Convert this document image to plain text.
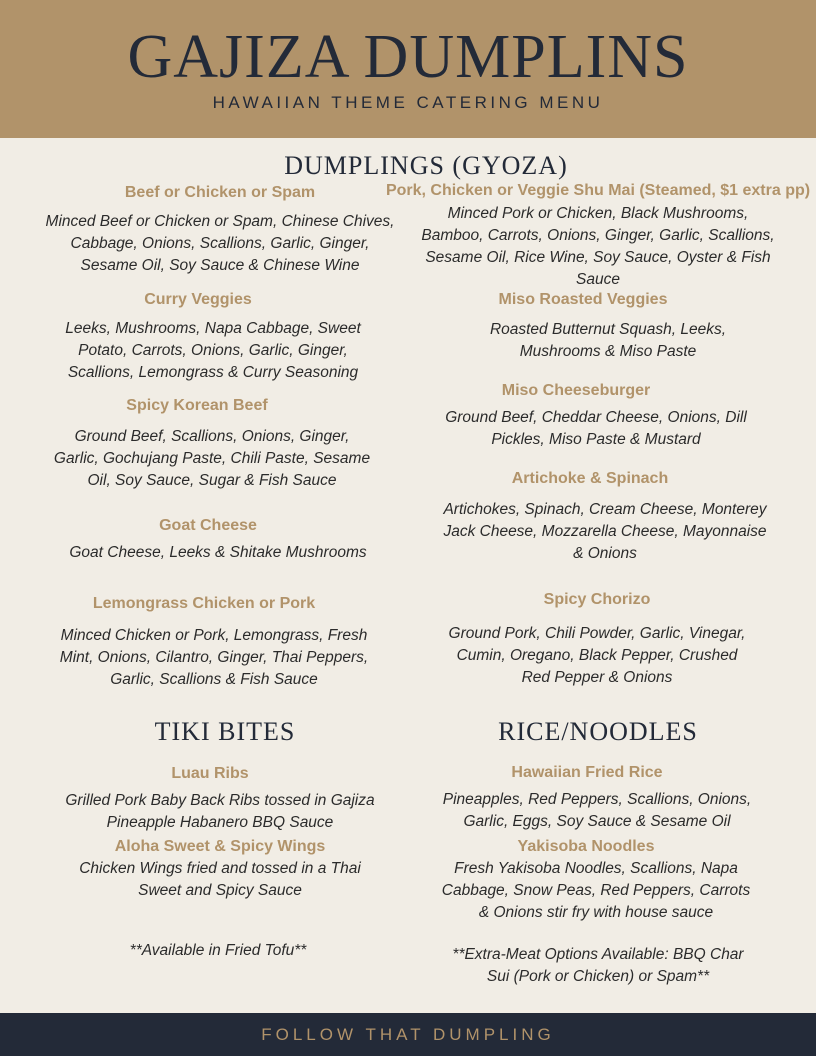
GAJIZA DUMPLINS
HAWAIIAN THEME CATERING MENU
DUMPLINGS (GYOZA)
Beef or Chicken or Spam
Minced Beef or Chicken or Spam, Chinese Chives, Cabbage, Onions, Scallions, Garlic, Ginger, Sesame Oil, Soy Sauce & Chinese Wine
Pork, Chicken or Veggie Shu Mai (Steamed, $1 extra pp)
Minced Pork or Chicken, Black Mushrooms, Bamboo, Carrots, Onions, Ginger, Garlic, Scallions, Sesame Oil, Rice Wine, Soy Sauce, Oyster & Fish Sauce
Curry Veggies
Leeks, Mushrooms, Napa Cabbage, Sweet Potato, Carrots, Onions, Garlic, Ginger, Scallions, Lemongrass & Curry Seasoning
Miso Roasted Veggies
Roasted Butternut Squash, Leeks, Mushrooms & Miso Paste
Spicy Korean Beef
Ground Beef, Scallions, Onions, Ginger, Garlic, Gochujang Paste, Chili Paste, Sesame Oil, Soy Sauce, Sugar & Fish Sauce
Miso Cheeseburger
Ground Beef, Cheddar Cheese, Onions, Dill Pickles, Miso Paste & Mustard
Artichoke & Spinach
Artichokes, Spinach, Cream Cheese, Monterey Jack Cheese, Mozzarella Cheese, Mayonnaise & Onions
Goat Cheese
Goat Cheese, Leeks & Shitake Mushrooms
Spicy Chorizo
Ground Pork, Chili Powder, Garlic, Vinegar, Cumin, Oregano, Black Pepper, Crushed Red Pepper & Onions
Lemongrass Chicken or Pork
Minced Chicken or Pork, Lemongrass, Fresh Mint, Onions, Cilantro, Ginger, Thai Peppers, Garlic, Scallions & Fish Sauce
TIKI BITES
Luau Ribs
Grilled Pork Baby Back Ribs tossed in Gajiza Pineapple Habanero BBQ Sauce
Aloha Sweet & Spicy Wings
Chicken Wings fried and tossed in a Thai Sweet and Spicy Sauce
**Available in Fried Tofu**
RICE/NOODLES
Hawaiian Fried Rice
Pineapples, Red Peppers, Scallions, Onions, Garlic, Eggs, Soy Sauce & Sesame Oil
Yakisoba Noodles
Fresh Yakisoba Noodles, Scallions, Napa Cabbage, Snow Peas, Red Peppers, Carrots & Onions stir fry with house sauce
**Extra-Meat Options Available: BBQ Char Sui (Pork or Chicken) or Spam**
FOLLOW THAT DUMPLING
